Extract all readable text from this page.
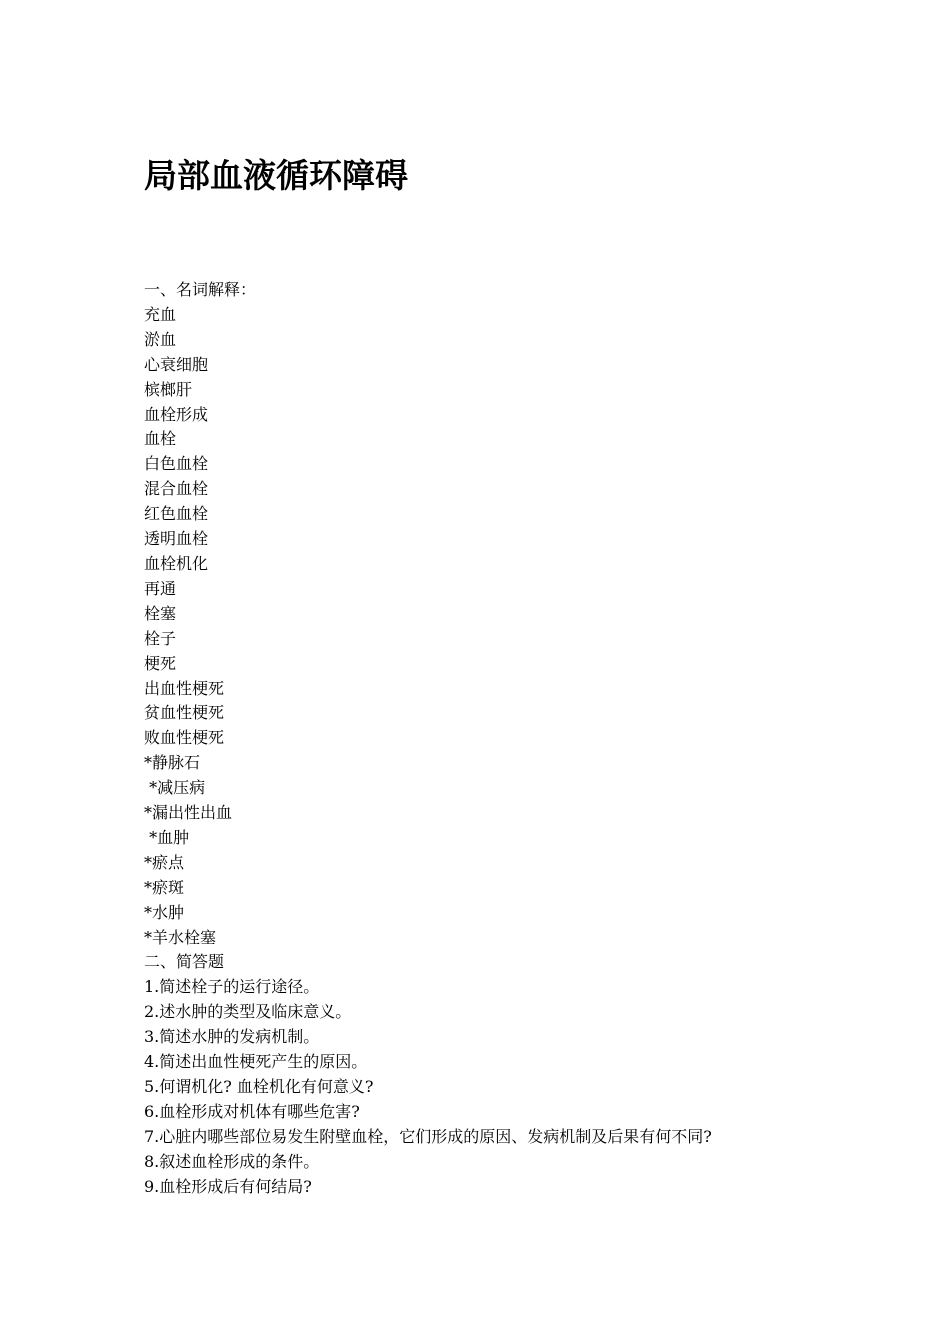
局部血液循环障碍
一、名词解释：
充血
淤血
心衰细胞
槟榔肝
血栓形成
血栓
白色血栓
混合血栓
红色血栓
透明血栓
血栓机化
再通
栓塞
栓子
梗死
出血性梗死
贫血性梗死
败血性梗死
*静脉石
*减压病
*漏出性出血
*血肿
*瘀点
*瘀斑
*水肿
*羊水栓塞
二、简答题
1.简述栓子的运行途径。
2.述水肿的类型及临床意义。
3.简述水肿的发病机制。
4.简述出血性梗死产生的原因。
5.何谓机化? 血栓机化有何意义?
6.血栓形成对机体有哪些危害?
7.心脏内哪些部位易发生附壁血栓，它们形成的原因、发病机制及后果有何不同?
8.叙述血栓形成的条件。
9.血栓形成后有何结局?
